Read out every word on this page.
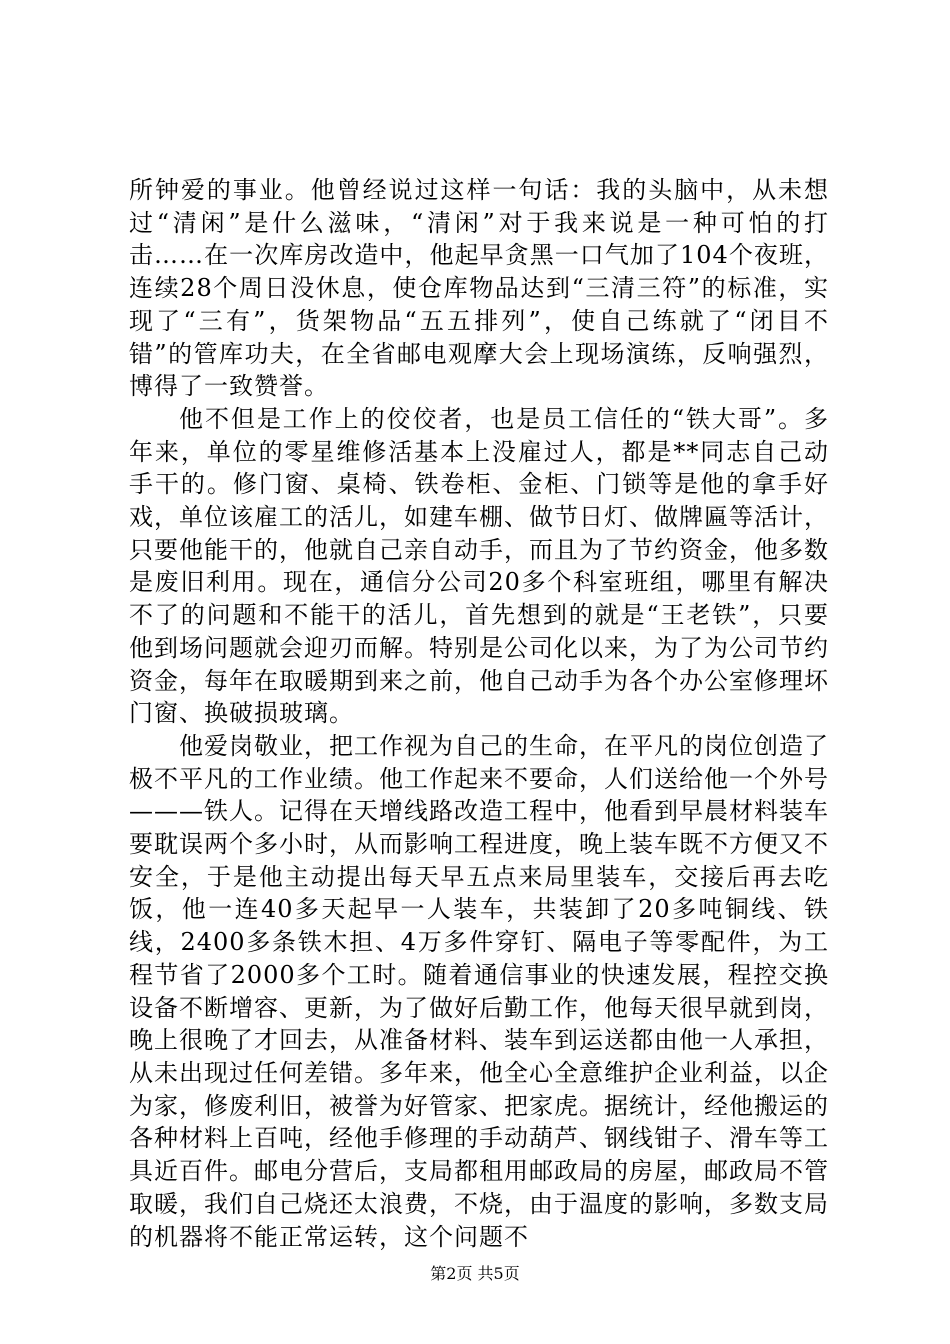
所钟爱的事业。他曾经说过这样一句话：我的头脑中，从未想过“清闲”是什么滋味，“清闲”对于我来说是一种可怕的打击……在一次库房改造中，他起早贪黑一口气加了104个夜班，连续28个周日没休息，使仓库物品达到“三清三符”的标准，实现了“三有”，货架物品“五五排列”，使自己练就了“闭目不错”的管库功夫，在全省邮电观摩大会上现场演练，反响强烈，博得了一致赞誉。

他不但是工作上的佼佼者，也是员工信任的“铁大哥”。多年来，单位的零星维修活基本上没雇过人，都是**同志自己动手干的。修门窗、桌椅、铁卷柜、金柜、门锁等是他的拿手好戏，单位该雇工的活儿，如建车棚、做节日灯、做牌匾等活计，只要他能干的，他就自己亲自动手，而且为了节约资金，他多数是废旧利用。现在，通信分公司20多个科室班组，哪里有解决不了的问题和不能干的活儿，首先想到的就是“王老铁”，只要他到场问题就会迎刃而解。特别是公司化以来，为了为公司节约资金，每年在取暖期到来之前，他自己动手为各个办公室修理坏门窗、换破损玻璃。

他爱岗敬业，把工作视为自己的生命，在平凡的岗位创造了极不平凡的工作业绩。他工作起来不要命，人们送给他一个外号———铁人。记得在天增线路改造工程中，他看到早晨材料装车要耽误两个多小时，从而影响工程进度，晚上装车既不方便又不安全，于是他主动提出每天早五点来局里装车，交接后再去吃饭，他一连40多天起早一人装车，共装卸了20多吨铜线、铁线，2400多条铁木担、4万多件穿钉、隔电子等零配件，为工程节省了2000多个工时。随着通信事业的快速发展，程控交换设备不断增容、更新，为了做好后勤工作，他每天很早就到岗，晚上很晚了才回去，从准备材料、装车到运送都由他一人承担，从未出现过任何差错。多年来，他全心全意维护企业利益，以企为家，修废利旧，被誉为好管家、把家虎。据统计，经他搬运的各种材料上百吨，经他手修理的手动葫芦、钢线钳子、滑车等工具近百件。邮电分营后，支局都租用邮政局的房屋，邮政局不管取暖，我们自己烧还太浪费，不烧，由于温度的影响，多数支局的机器将不能正常运转，这个问题不

第2页 共5页
